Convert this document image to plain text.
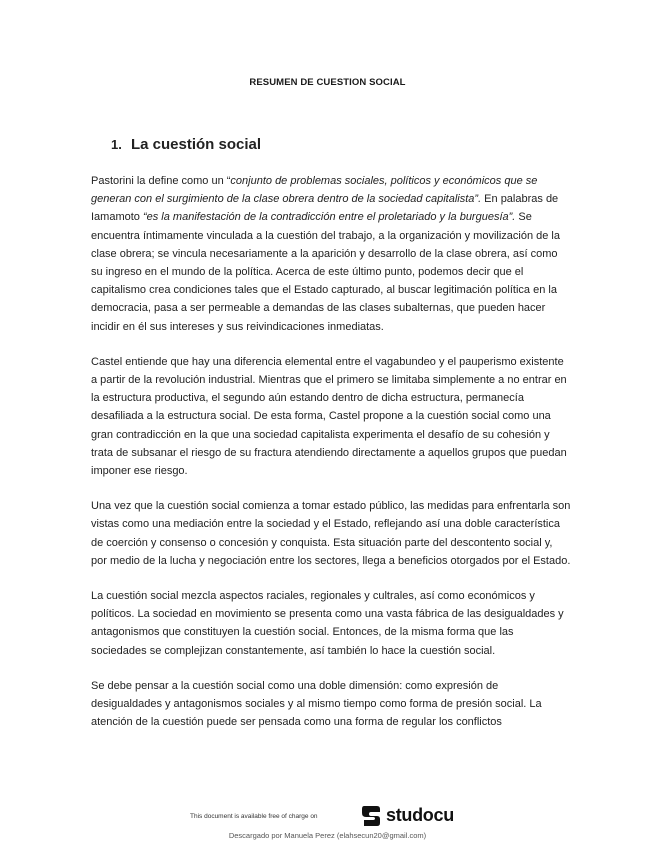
RESUMEN DE CUESTION SOCIAL
1. La cuestión social

Pastorini la define como un “conjunto de problemas sociales, políticos y económicos que se generan con el surgimiento de la clase obrera dentro de la sociedad capitalista”. En palabras de Iamamoto “es la manifestación de la contradicción entre el proletariado y la burguesía”. Se encuentra íntimamente vinculada a la cuestión del trabajo, a la organización y movilización de la clase obrera; se vincula necesariamente a la aparición y desarrollo de la clase obrera, así como su ingreso en el mundo de la política. Acerca de este último punto, podemos decir que el capitalismo crea condiciones tales que el Estado capturado, al buscar legitimación política en la democracia, pasa a ser permeable a demandas de las clases subalternas, que pueden hacer incidir en él sus intereses y sus reivindicaciones inmediatas.

Castel entiende que hay una diferencia elemental entre el vagabundeo y el pauperismo existente a partir de la revolución industrial. Mientras que el primero se limitaba simplemente a no entrar en la estructura productiva, el segundo aún estando dentro de dicha estructura, permanecía desafiliada a la estructura social. De esta forma, Castel propone a la cuestión social como una gran contradicción en la que una sociedad capitalista experimenta el desafío de su cohesión y trata de subsanar el riesgo de su fractura atendiendo directamente a aquellos grupos que puedan imponer ese riesgo.

Una vez que la cuestión social comienza a tomar estado público, las medidas para enfrentarla son vistas como una mediación entre la sociedad y el Estado, reflejando así una doble característica de coerción y consenso o concesión y conquista. Esta situación parte del descontento social y, por medio de la lucha y negociación entre los sectores, llega a beneficios otorgados por el Estado.

La cuestión social mezcla aspectos raciales, regionales y cultrales, así como económicos y políticos. La sociedad en movimiento se presenta como una vasta fábrica de las desigualdades y antagonismos que constituyen la cuestión social. Entonces, de la misma forma que las sociedades se complejizan constantemente, así también lo hace la cuestión social.

Se debe pensar a la cuestión social como una doble dimensión: como expresión de desigualdades y antagonismos sociales y al mismo tiempo como forma de presión social. La atención de la cuestión puede ser pensada como una forma de regular los conflictos

This document is available free of charge on	studocu
Descargado por Manuela Perez (elahsecun20@gmail.com)
